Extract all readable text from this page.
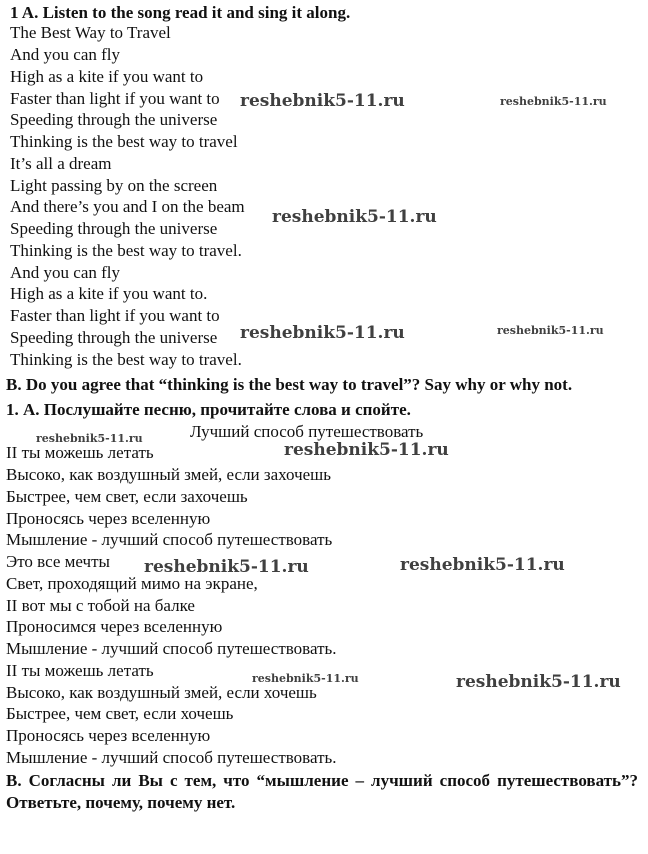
1 A. Listen to the song read it and sing it along.
The Best Way to Travel
And you can fly
High as a kite if you want to
Faster than light if you want to
Speeding through the universe
Thinking is the best way to travel
It’s all a dream
Light passing by on the screen
And there’s you and I on the beam
Speeding through the universe
Thinking is the best way to travel.
And you can fly
High as a kite if you want to.
Faster than light if you want to
Speeding through the universe
Thinking is the best way to travel.
B. Do you agree that “thinking is the best way to travel”? Say why or why not.
1. А. Послушайте песню, прочитайте слова и спойте.
Лучший способ путешествовать
II ты можешь летать
Высоко, как воздушный змей, если захочешь
Быстрее, чем свет, если захочешь
Проносясь через вселенную
Мышление - лучший способ путешествовать
Это все мечты
Свет, проходящий мимо на экране,
II вот мы с тобой на балке
Проносимся через вселенную
Мышление - лучший способ путешествовать.
II ты можешь летать
Высоко, как воздушный змей, если хочешь
Быстрее, чем свет, если хочешь
Проносясь через вселенную
Мышление - лучший способ путешествовать.
В. Согласны ли Вы с тем, что “мышление – лучший способ путешествовать”? Ответьте, почему, почему нет.
reshebnik5-11.ru	reshebnik5-11.ru
reshebnik5-11.ru
reshebnik5-11.ru	reshebnik5-11.ru
reshebnik5-11.ru
reshebnik5-11.ru
reshebnik5-11.ru	reshebnik5-11.ru
reshebnik5-11.ru	reshebnik5-11.ru
